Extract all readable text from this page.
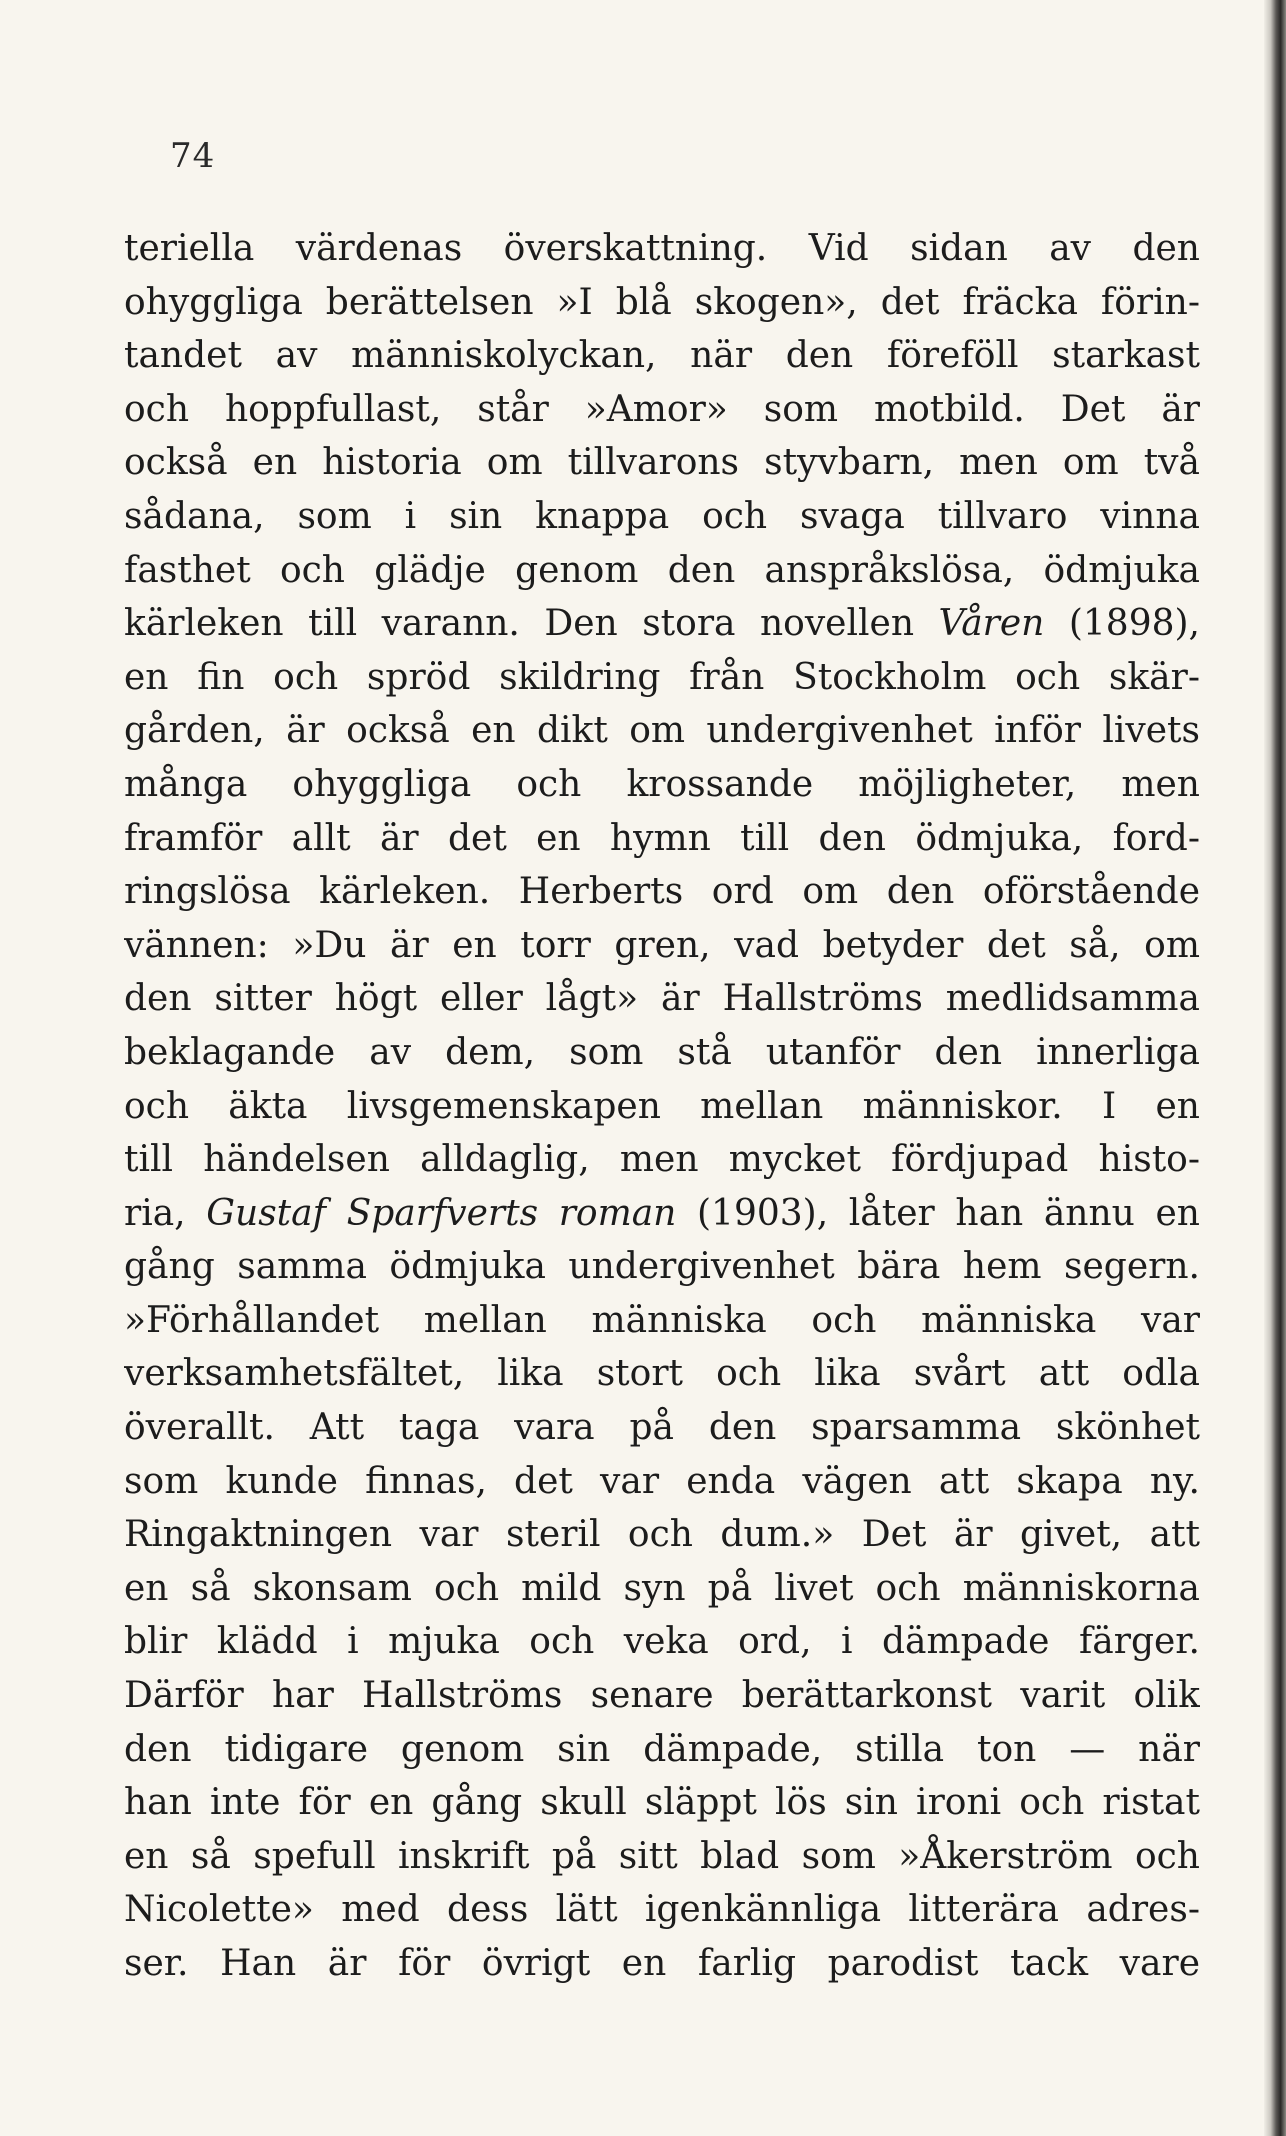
74
teriella värdenas överskattning. Vid sidan av den
ohyggliga berättelsen »I blå skogen», det fräcka förin-
tandet av människolyckan, när den föreföll starkast
och hoppfullast, står »Amor» som motbild. Det är
också en historia om tillvarons styvbarn, men om två
sådana, som i sin knappa och svaga tillvaro vinna
fasthet och glädje genom den anspråkslösa, ödmjuka
kärleken till varann. Den stora novellen Våren (1898),
en fin och spröd skildring från Stockholm och skär-
gården, är också en dikt om undergivenhet inför livets
många ohyggliga och krossande möjligheter, men
framför allt är det en hymn till den ödmjuka, ford-
ringslösa kärleken. Herberts ord om den oförstående
vännen: »Du är en torr gren, vad betyder det så, om
den sitter högt eller lågt» är Hallströms medlidsamma
beklagande av dem, som stå utanför den innerliga
och äkta livsgemenskapen mellan människor. I en
till händelsen alldaglig, men mycket fördjupad histo-
ria, Gustaf Sparfverts roman (1903), låter han ännu en
gång samma ödmjuka undergivenhet bära hem segern.
»Förhållandet mellan människa och människa var
verksamhetsfältet, lika stort och lika svårt att odla
överallt. Att taga vara på den sparsamma skönhet
som kunde finnas, det var enda vägen att skapa ny.
Ringaktningen var steril och dum.» Det är givet, att
en så skonsam och mild syn på livet och människorna
blir klädd i mjuka och veka ord, i dämpade färger.
Därför har Hallströms senare berättarkonst varit olik
den tidigare genom sin dämpade, stilla ton — när
han inte för en gång skull släppt lös sin ironi och ristat
en så spefull inskrift på sitt blad som »Åkerström och
Nicolette» med dess lätt igenkännliga litterära adres-
ser. Han är för övrigt en farlig parodist tack vare
